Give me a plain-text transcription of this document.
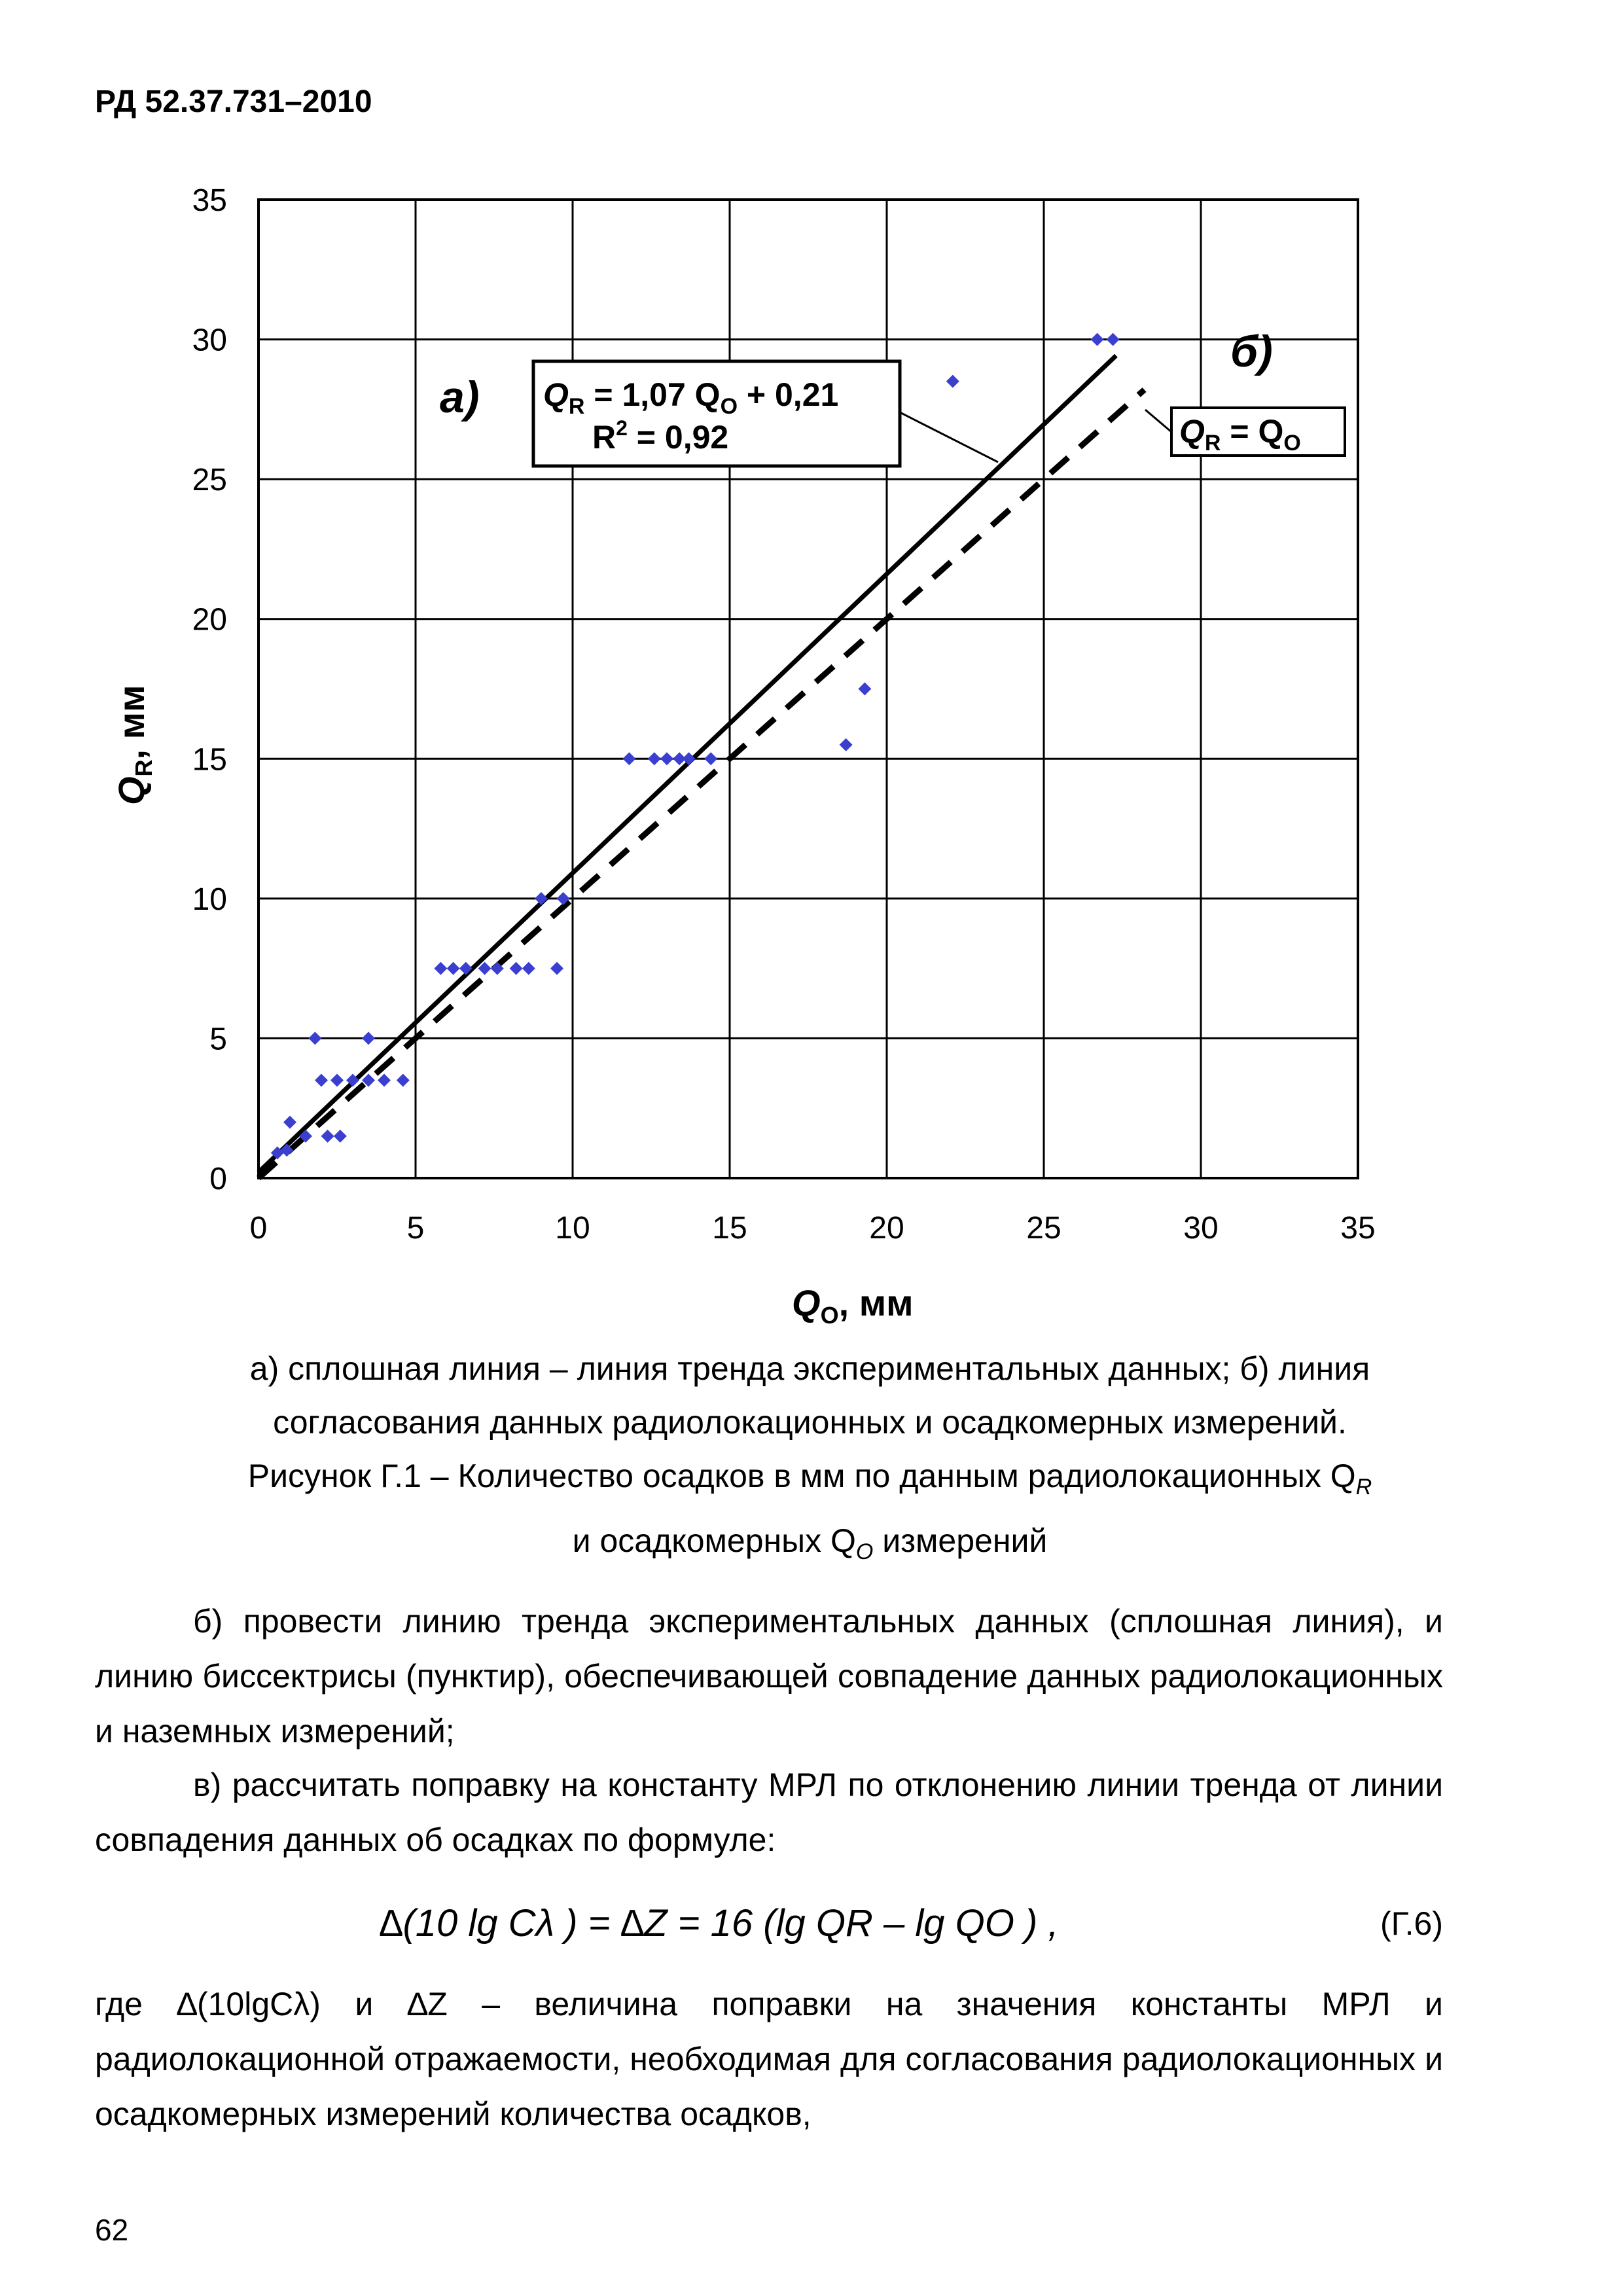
РД 52.37.731–2010
0	5	10	15	20	25	30	35
0
5
10
15
20
25
30
35
$Q_R = 1,07$ $Q_O + 0,21$
$R^2 = 0,92$
а)
б)
$Q_R = Q_O$
$Q_O$, мм
$Q_R$, мм

а) сплошная линия – линия тренда экспериментальных данных; б) линия

согласования данных радиолокационных и осадкомерных измерений.

Рисунок Г.1 – Количество осадков в мм по данным радиолокационных $Q_R$

и осадкомерных $Q_O$ измерений

б) провести линию тренда экспериментальных данных (сплошная линия), и линию биссектрисы (пунктир), обеспечивающей совпадение данных радиолокационных и наземных измерений;

в) рассчитать поправку на константу МРЛ по отклонению линии тренда от линии совпадения данных об осадках по формуле:

∆(10 lg Cλ ) = ∆Z = 16 (lg QR – lg QO ) ,	(Г.6)

где ∆(10lgCλ) и ∆Z – величина поправки на значения константы МРЛ и радиолокационной отражаемости, необходимая для согласования радиолокационных и осадкомерных измерений количества осадков,

62
